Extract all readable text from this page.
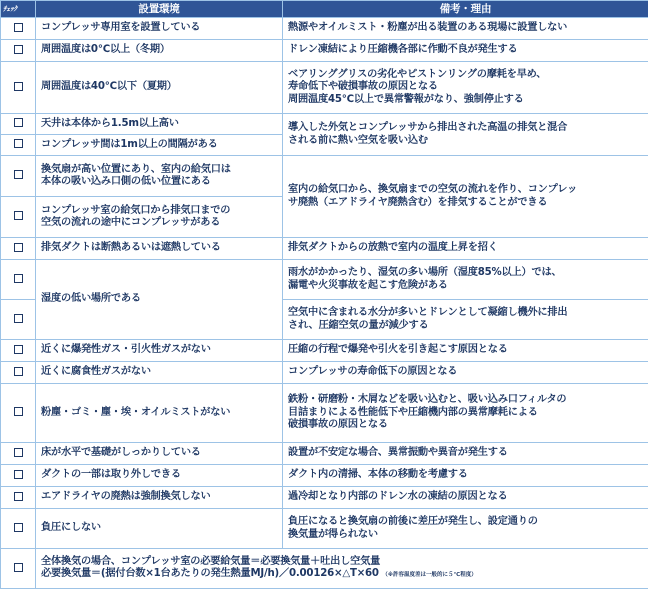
ﾁｪｯｸ	設置環境	備考・理由
	コンプレッサ専用室を設置している	熱源やオイルミスト・粉塵が出る装置のある現場に設置しない
	周囲温度は0℃以上（冬期）	ドレン凍結により圧縮機各部に作動不良が発生する
	周囲温度は40℃以下（夏期）	ベアリンググリスの劣化やピストンリングの摩耗を早め、
寿命低下や破損事故の原因となる
周囲温度45℃以上で異常警報がなり、強制停止する
	天井は本体から1.5m以上高い	導入した外気とコンプレッサから排出された高温の排気と混合
される前に熱い空気を吸い込む
	コンプレッサ間は1m以上の間隔がある	
	換気扇が高い位置にあり、室内の給気口は
本体の吸い込み口側の低い位置にある	室内の給気口から、換気扇までの空気の流れを作り、コンプレッ
サ廃熱（エアドライヤ廃熱含む）を排気することができる
	コンプレッサ室の給気口から排気口までの
空気の流れの途中にコンプレッサがある	
	排気ダクトは断熱あるいは遮熱している	排気ダクトからの放熱で室内の温度上昇を招く
	湿度の低い場所である	雨水がかかったり、湿気の多い場所（湿度85%以上）では、
漏電や火災事故を起こす危険がある
		空気中に含まれる水分が多いとドレンとして凝縮し機外に排出
され、圧縮空気の量が減少する
	近くに爆発性ガス・引火性ガスがない	圧縮の行程で爆発や引火を引き起こす原因となる
	近くに腐食性ガスがない	コンプレッサの寿命低下の原因となる
	粉塵・ゴミ・塵・埃・オイルミストがない	鉄粉・研磨粉・木屑などを吸い込むと、吸い込み口フィルタの
目詰まりによる性能低下や圧縮機内部の異常摩耗による
破損事故の原因となる
	床が水平で基礎がしっかりしている	設置が不安定な場合、異常振動や異音が発生する
	ダクトの一部は取り外しできる	ダクト内の清掃、本体の移動を考慮する
	エアドライヤの廃熱は強制換気しない	過冷却となり内部のドレン水の凍結の原因となる
	負圧にしない	負圧になると換気扇の前後に差圧が発生し、設定通りの
換気量が得られない

	全体換気の場合、コンプレッサ室の必要給気量＝必要換気量＋吐出し空気量
必要換気量＝(据付台数×1台あたりの発生熱量MJ/h)／0.00126×△T×60 （※許容温度差は一般的に５℃程度）	
